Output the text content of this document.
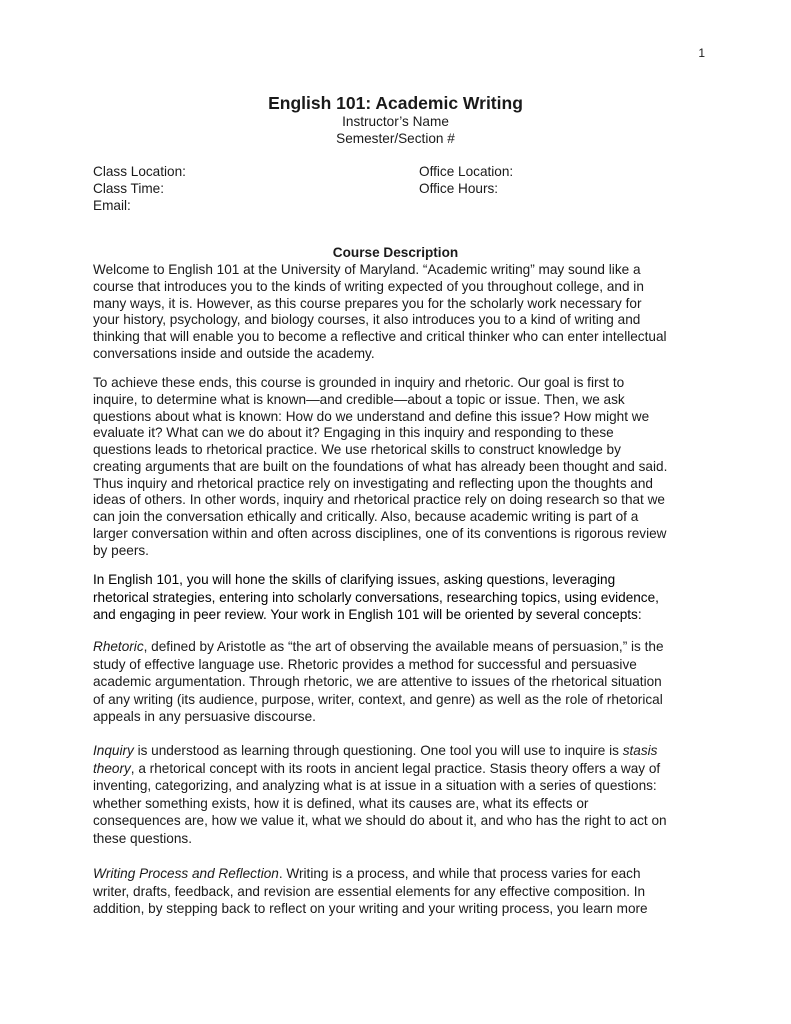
1
English 101: Academic Writing
Instructor’s Name
Semester/Section #
Class Location:
Class Time:
Email:
Office Location:
Office Hours:
Course Description
Welcome to English 101 at the University of Maryland. “Academic writing” may sound like a
course that introduces you to the kinds of writing expected of you throughout college, and in
many ways, it is. However, as this course prepares you for the scholarly work necessary for
your history, psychology, and biology courses, it also introduces you to a kind of writing and
thinking that will enable you to become a reflective and critical thinker who can enter intellectual
conversations inside and outside the academy.
To achieve these ends, this course is grounded in inquiry and rhetoric. Our goal is first to
inquire, to determine what is known—and credible—about a topic or issue. Then, we ask
questions about what is known: How do we understand and define this issue? How might we
evaluate it? What can we do about it? Engaging in this inquiry and responding to these
questions leads to rhetorical practice. We use rhetorical skills to construct knowledge by
creating arguments that are built on the foundations of what has already been thought and said.
Thus inquiry and rhetorical practice rely on investigating and reflecting upon the thoughts and
ideas of others. In other words, inquiry and rhetorical practice rely on doing research so that we
can join the conversation ethically and critically. Also, because academic writing is part of a
larger conversation within and often across disciplines, one of its conventions is rigorous review
by peers.
In English 101, you will hone the skills of clarifying issues, asking questions, leveraging
rhetorical strategies, entering into scholarly conversations, researching topics, using evidence,
and engaging in peer review. Your work in English 101 will be oriented by several concepts:
Rhetoric, defined by Aristotle as “the art of observing the available means of persuasion,” is the
study of effective language use. Rhetoric provides a method for successful and persuasive
academic argumentation. Through rhetoric, we are attentive to issues of the rhetorical situation
of any writing (its audience, purpose, writer, context, and genre) as well as the role of rhetorical
appeals in any persuasive discourse.
Inquiry is understood as learning through questioning. One tool you will use to inquire is stasis
theory, a rhetorical concept with its roots in ancient legal practice. Stasis theory offers a way of
inventing, categorizing, and analyzing what is at issue in a situation with a series of questions:
whether something exists, how it is defined, what its causes are, what its effects or
consequences are, how we value it, what we should do about it, and who has the right to act on
these questions.
Writing Process and Reflection. Writing is a process, and while that process varies for each
writer, drafts, feedback, and revision are essential elements for any effective composition. In
addition, by stepping back to reflect on your writing and your writing process, you learn more
